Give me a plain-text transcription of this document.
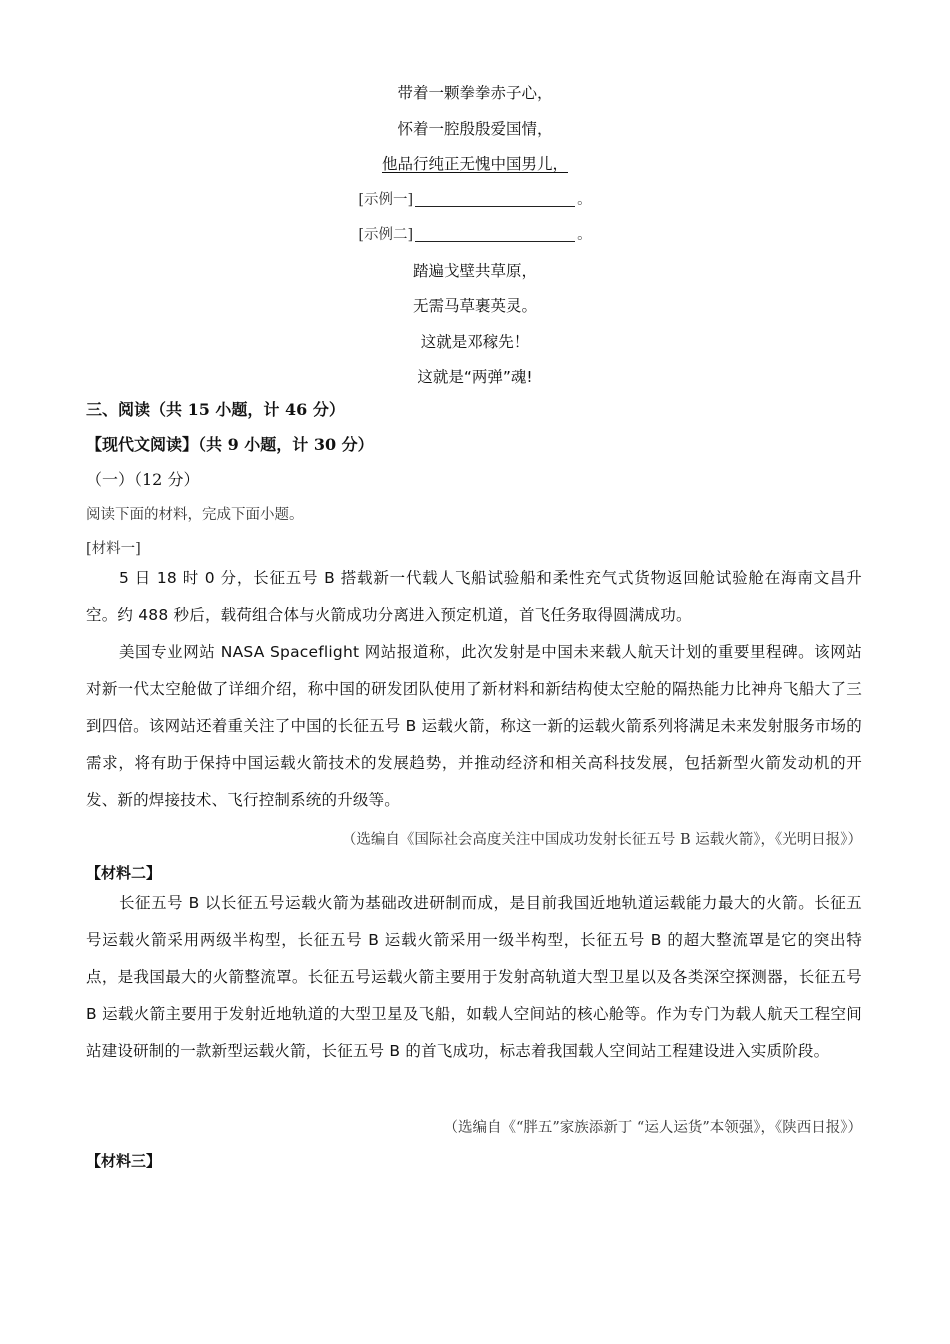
带着一颗拳拳赤子心，
怀着一腔殷殷爱国情，
他品行纯正无愧中国男儿，
[示例一]	。
[示例二]	。
踏遍戈壁共草原，
无需马草裹英灵。
这就是邓稼先！
这就是“两弹”魂!
三、阅读（共 15 小题，计 46 分）
【现代文阅读】（共 9 小题，计 30 分）
（一）（12 分）
阅读下面的材料，完成下面小题。
[材料一]

5 日 18 时 0 分，长征五号 B 搭载新一代载人飞船试验船和柔性充气式货物返回舱试验舱在海南文昌升空。约 488 秒后，载荷组合体与火箭成功分离进入预定机道，首飞任务取得圆满成功。

美国专业网站 NASA Spaceflight 网站报道称，此次发射是中国未来载人航天计划的重要里程碑。该网站对新一代太空舱做了详细介绍，称中国的研发团队使用了新材料和新结构使太空舱的隔热能力比神舟飞船大了三到四倍。该网站还着重关注了中国的长征五号 B 运载火箭，称这一新的运载火箭系列将满足未来发射服务市场的需求，将有助于保持中国运载火箭技术的发展趋势，并推动经济和相关高科技发展，包括新型火箭发动机的开发、新的焊接技术、飞行控制系统的升级等。

（选编自《国际社会高度关注中国成功发射长征五号 B 运载火箭》，《光明日报》）
【材料二】

长征五号 B 以长征五号运载火箭为基础改进研制而成，是目前我国近地轨道运载能力最大的火箭。长征五号运载火箭采用两级半构型，长征五号 B 运载火箭采用一级半构型，长征五号 B 的超大整流罩是它的突出特点，是我国最大的火箭整流罩。长征五号运载火箭主要用于发射高轨道大型卫星以及各类深空探测器，长征五号 B 运载火箭主要用于发射近地轨道的大型卫星及飞船，如载人空间站的核心舱等。作为专门为载人航天工程空间站建设研制的一款新型运载火箭，长征五号 B 的首飞成功，标志着我国载人空间站工程建设进入实质阶段。

（选编自《“胖五”家族添新丁 “运人运货”本领强》，《陕西日报》）
【材料三】
